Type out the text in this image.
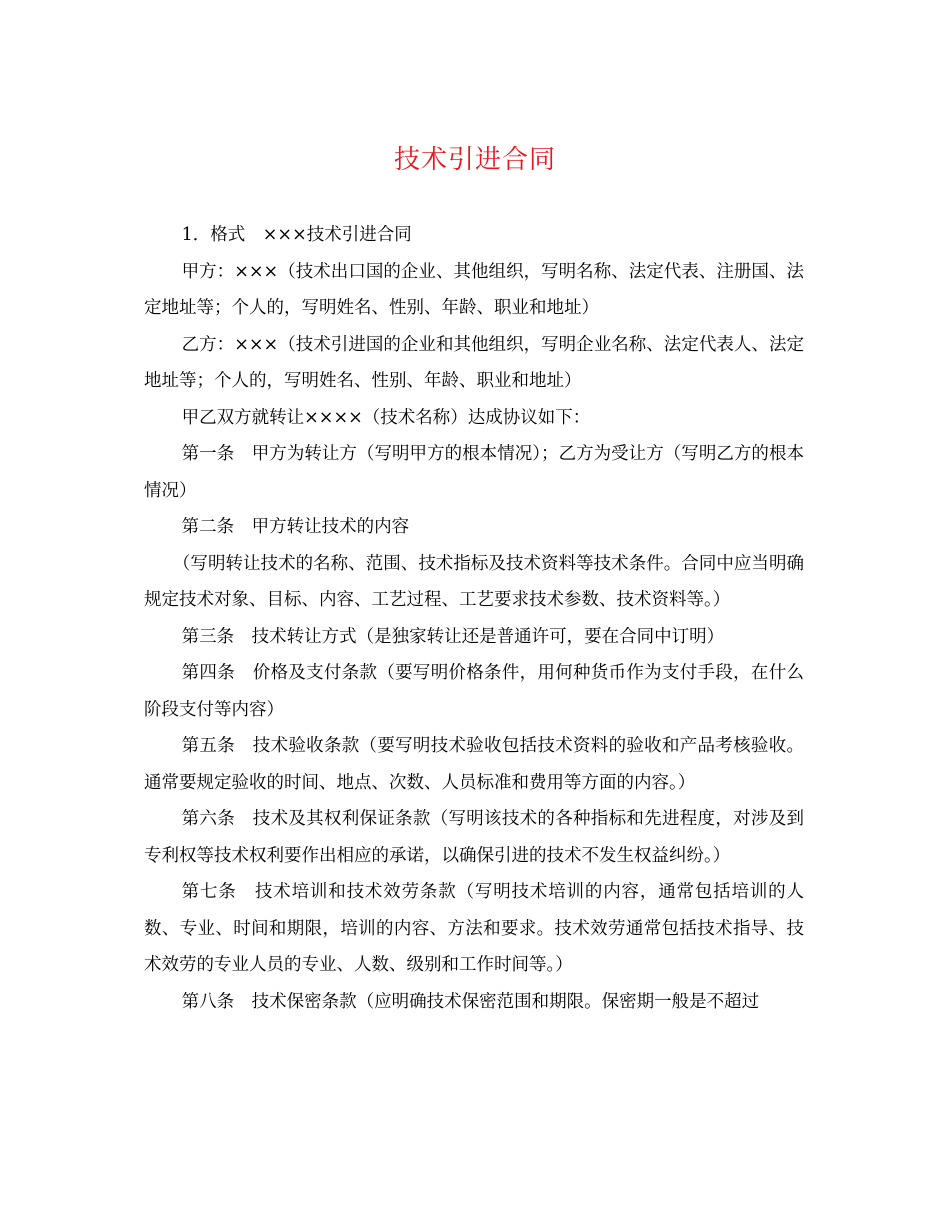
技术引进合同

1．格式　×××技术引进合同

甲方：×××（技术出口国的企业、其他组织，写明名称、法定代表、注册国、法定地址等；个人的，写明姓名、性别、年龄、职业和地址）

乙方：×××（技术引进国的企业和其他组织，写明企业名称、法定代表人、法定地址等；个人的，写明姓名、性别、年龄、职业和地址）

甲乙双方就转让××××（技术名称）达成协议如下：

第一条　甲方为转让方（写明甲方的根本情况）；乙方为受让方（写明乙方的根本情况）

第二条　甲方转让技术的内容

（写明转让技术的名称、范围、技术指标及技术资料等技术条件。合同中应当明确规定技术对象、目标、内容、工艺过程、工艺要求技术参数、技术资料等。）

第三条　技术转让方式（是独家转让还是普通许可，要在合同中订明）

第四条　价格及支付条款（要写明价格条件，用何种货币作为支付手段，在什么阶段支付等内容）

第五条　技术验收条款（要写明技术验收包括技术资料的验收和产品考核验收。通常要规定验收的时间、地点、次数、人员标准和费用等方面的内容。）

第六条　技术及其权利保证条款（写明该技术的各种指标和先进程度，对涉及到专利权等技术权利要作出相应的承诺，以确保引进的技术不发生权益纠纷。）

第七条　技术培训和技术效劳条款（写明技术培训的内容，通常包括培训的人数、专业、时间和期限，培训的内容、方法和要求。技术效劳通常包括技术指导、技术效劳的专业人员的专业、人数、级别和工作时间等。）

第八条　技术保密条款（应明确技术保密范围和期限。保密期一般是不超过
